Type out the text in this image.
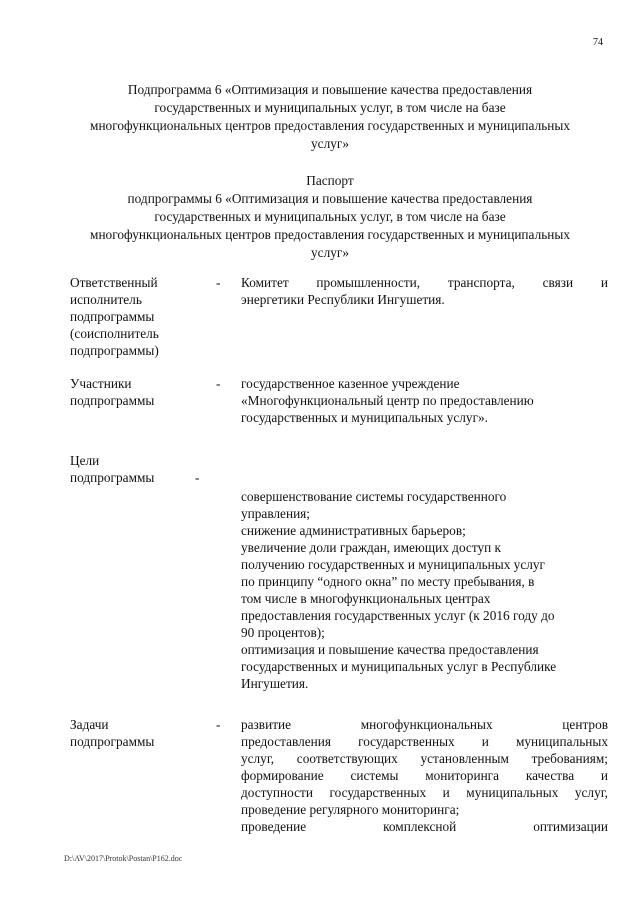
74
Подпрограмма 6 «Оптимизация и повышение качества предоставления
государственных и муниципальных услуг, в том числе на базе
многофункциональных центров предоставления государственных и муниципальных
услуг»
Паспорт
подпрограммы 6 «Оптимизация и повышение качества предоставления
государственных и муниципальных услуг, в том числе на базе
многофункциональных центров предоставления государственных и муниципальных
услуг»
Ответственный
исполнитель
подпрограммы
(соисполнитель
подпрограммы)
- Комитет промышленности, транспорта, связи и
энергетики Республики Ингушетия.
Участники
подпрограммы
- государственное казенное учреждение
«Многофункциональный центр по предоставлению
государственных и муниципальных услуг».
Цели
подпрограммы	-
совершенствование системы государственного
управления;
снижение административных барьеров;
увеличение доли граждан, имеющих доступ к
получению государственных и муниципальных услуг
по принципу “одного окна” по месту пребывания, в
том числе в многофункциональных центрах
предоставления государственных услуг (к 2016 году до
90 процентов);
оптимизация и повышение качества предоставления
государственных и муниципальных услуг в Республике
Ингушетия.
Задачи
подпрограммы
- развитие многофункциональных центров
предоставления государственных и муниципальных
услуг, соответствующих установленным требованиям;
формирование системы мониторинга качества и
доступности государственных и муниципальных услуг,
проведение регулярного мониторинга;
проведение комплексной оптимизации
D:\AV\2017\Protok\Postan\P162.doc
